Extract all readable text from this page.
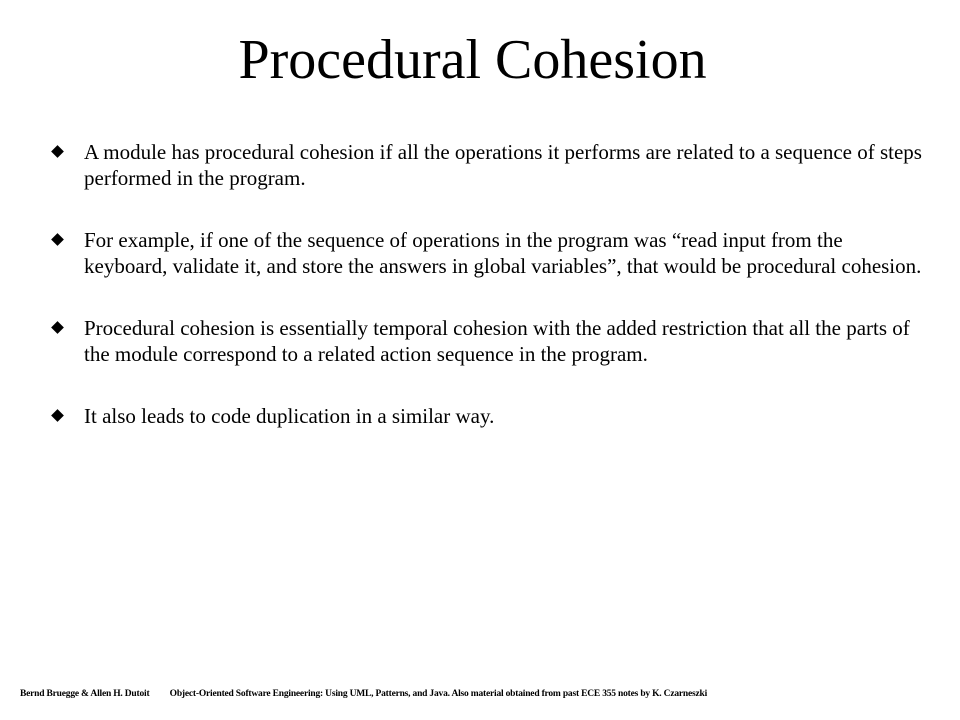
Procedural Cohesion
A module has procedural cohesion if all the operations it performs are related to a sequence of steps performed in the program.
For example, if one of the sequence of operations in the program was “read input from the keyboard, validate it, and store the answers in global variables”, that would be procedural cohesion.
Procedural cohesion is essentially temporal cohesion with the added restriction that all the parts of the module correspond to a related action sequence in the program.
It also leads to code duplication in a similar way.
Bernd Bruegge & Allen H. Dutoit Object-Oriented Software Engineering: Using UML, Patterns, and Java. Also material obtained from past ECE 355 notes by K. Czarneszki
